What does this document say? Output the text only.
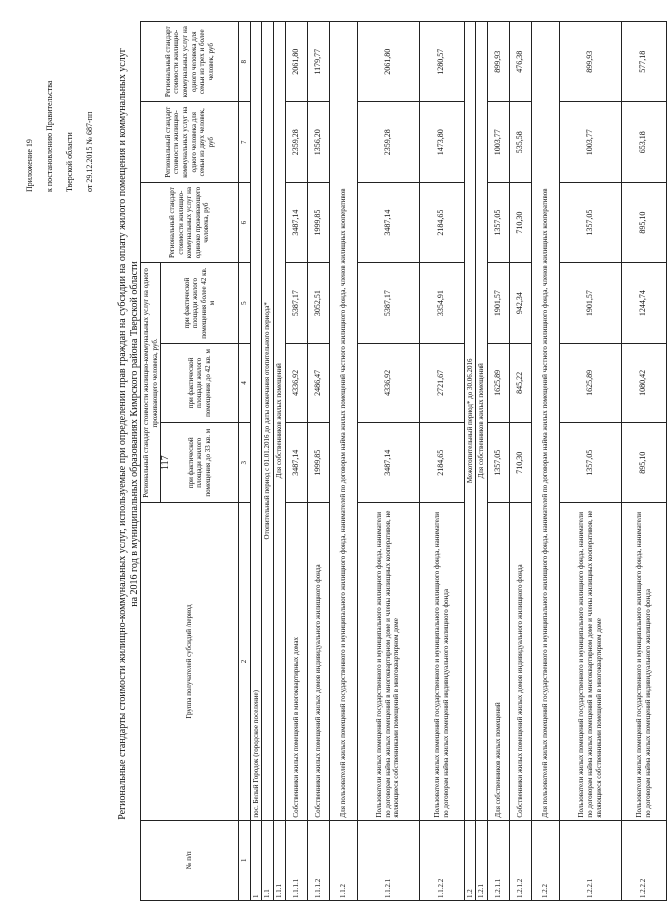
117

Приложение 19 к постановлению Правительства Тверской области от 29.12.2015 № 687-пп Региональные стандарты стоимости жилищно-коммунальных услуг, используемые при определении прав граждан на субсидии на оплату жилого помещения и коммунальных услуг на 2016 год в муниципальных образованиях Кимрского района Тверской области
№ п/п	Группа получателей субсидий /период	Региональный стандарт стоимости жилищно-коммунальных услуг на одного проживающего человека, руб.			Региональный стандарт стоимости жилищно-коммунальных услуг на одиноко проживающего человека, руб	Региональный стандарт стоимости жилищно-коммунальных услуг на одного человека для семьи из двух человек, руб	Региональный стандарт стоимости жилищно-коммунальных услуг на одного человека для семьи из трех и более человек, руб
		при фактической площади жилого помещения до 33 кв. м	при фактической площади жилого помещения до 42 кв. м	при фактической площади жилого помещения более 42 кв. м			
1	2	3	4	5	6	7	8
1	пос. Белый Городок (городское поселение)						
1.1	Отопительный период с 01.01.2016 до даты окончания отопительного периода*						
1.1.1	Для собственников жилых помещений						
1.1.1.1	Собственники жилых помещений в многоквартирных домах	3487,14	4336,92	5387,17	3487,14	2359,28	2061,80
1.1.1.2	Собственники жилых помещений жилых домов индивидуального жилищного фонда	1999,85	2486,47	3052,51	1999,85	1356,20	1179,77
1.1.2	Для пользователей жилых помещений государственного и муниципального жилищного фонда, нанимателей по договорам найма жилых помещений частного жилищного фонда, членов жилищных кооперативов						
1.1.2.1	Пользователи жилых помещений государственного и муниципального жилищного фонда, наниматели по договорам найма жилых помещений в многоквартирном доме и члены жилищных кооперативов, не являющиеся собственниками помещений в многоквартирном доме	3487,14	4336,92	5387,17	3487,14	2359,28	2061,80
1.1.2.2	Пользователи жилых помещений государственного и муниципального жилищного фонда, наниматели по договорам найма жилых помещений индивидуального жилищного фонда	2184,65	2721,67	3354,91	2184,65	1473,80	1280,57
1.2	Межотопительный период* до 30.06.2016						
1.2.1	Для собственников жилых помещений						
1.2.1.1	Для собственников жилых помещений	1357,05	1625,89	1901,57	1357,05	1003,77	899,93
1.2.1.2	Собственники жилых помещений жилых домов индивидуального жилищного фонда	710,30	845,22	942,34	710,30	535,58	476,38
1.2.2	Для пользователей жилых помещений государственного и муниципального жилищного фонда, нанимателей по договорам найма жилых помещений частного жилищного фонда, членов жилищных кооперативов						
1.2.2.1	Пользователи жилых помещений государственного и муниципального жилищного фонда, наниматели по договорам найма жилых помещений в многоквартирном доме и члены жилищных кооперативов, не являющиеся собственниками помещений в многоквартирном доме	1357,05	1625,89	1901,57	1357,05	1003,77	899,93
1.2.2.2	Пользователи жилых помещений государственного и муниципального жилищного фонда, наниматели по договорам найма жилых помещений индивидуального жилищного фонда	895,10	1080,42	1244,74	895,10	653,18	577,18
